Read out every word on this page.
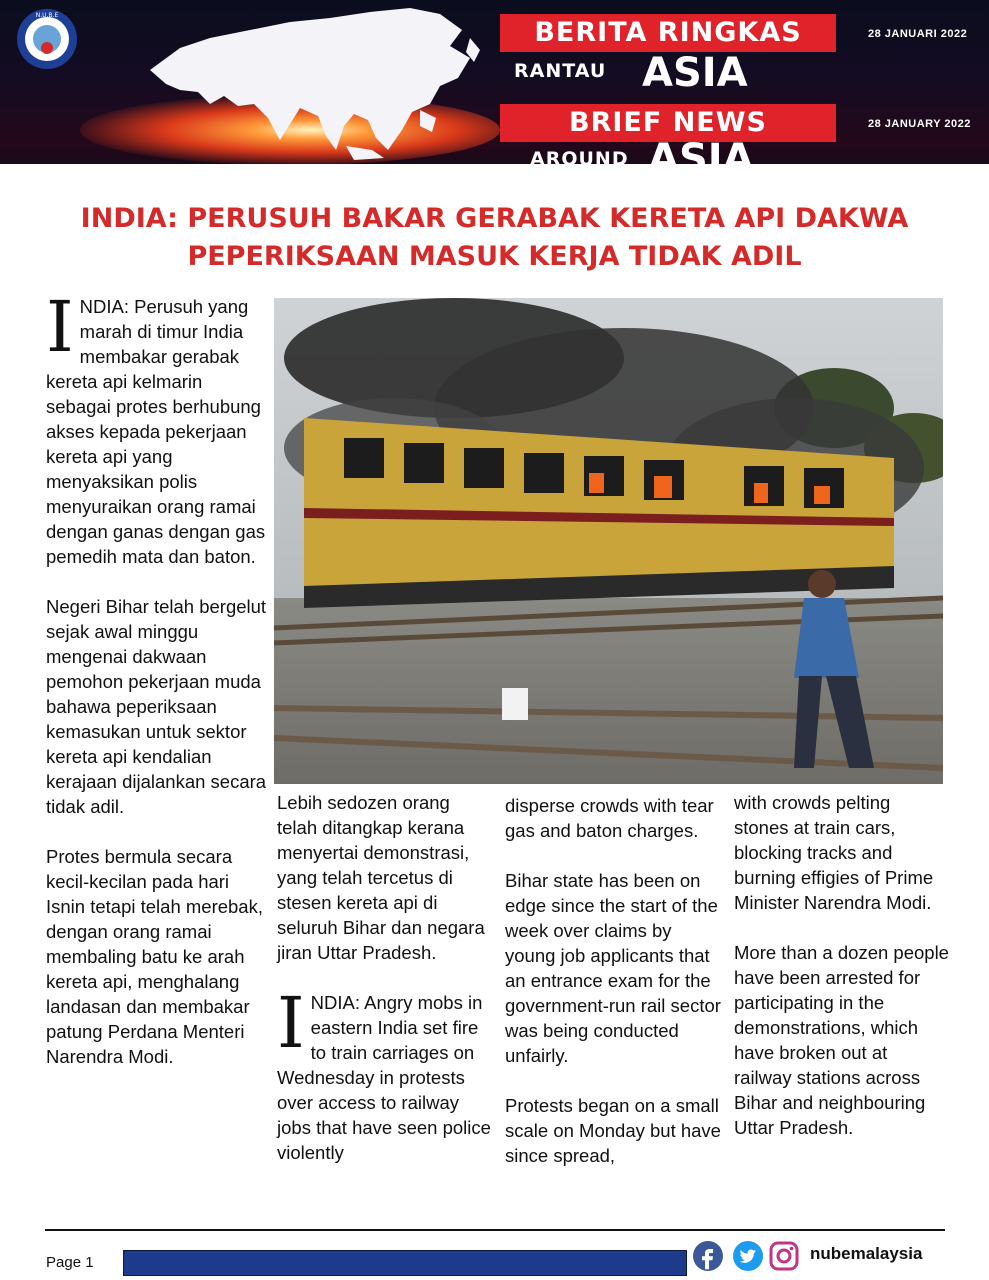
N.U.B.E
BERITA RINGKAS
RANTAU ASIA
BRIEF NEWS
AROUND ASIA
28 JANUARI 2022
28 JANUARY 2022
INDIA: PERUSUH BAKAR GERABAK KERETA API DAKWA
PEPERIKSAAN MASUK KERJA TIDAK ADIL

INDIA: Perusuh yang marah di timur India membakar gerabak kereta api kelmarin sebagai protes berhubung akses kepada pekerjaan kereta api yang menyaksikan polis menyuraikan orang ramai dengan ganas dengan gas pemedih mata dan baton.

Negeri Bihar telah bergelut sejak awal minggu mengenai dakwaan pemohon pekerjaan muda bahawa peperiksaan kemasukan untuk sektor kereta api kendalian kerajaan dijalankan secara tidak adil.

Protes bermula secara kecil-kecilan pada hari Isnin tetapi telah merebak, dengan orang ramai membaling batu ke arah kereta api, menghalang landasan dan membakar patung Perdana Menteri Narendra Modi.

Lebih sedozen orang telah ditangkap kerana menyertai demonstrasi, yang telah tercetus di stesen kereta api di seluruh Bihar dan negara jiran Uttar Pradesh.

INDIA: Angry mobs in eastern India set fire to train carriages on Wednesday in protests over access to railway jobs that have seen police violently

disperse crowds with tear gas and baton charges.

Bihar state has been on edge since the start of the week over claims by young job applicants that an entrance exam for the government-run rail sector was being conducted unfairly.

Protests began on a small scale on Monday but have since spread,

with crowds pelting stones at train cars, blocking tracks and burning effigies of Prime Minister Narendra Modi.

More than a dozen people have been arrested for participating in the demonstrations, which have broken out at railway stations across Bihar and neighbouring Uttar Pradesh.

Page 1	nubemalaysia
